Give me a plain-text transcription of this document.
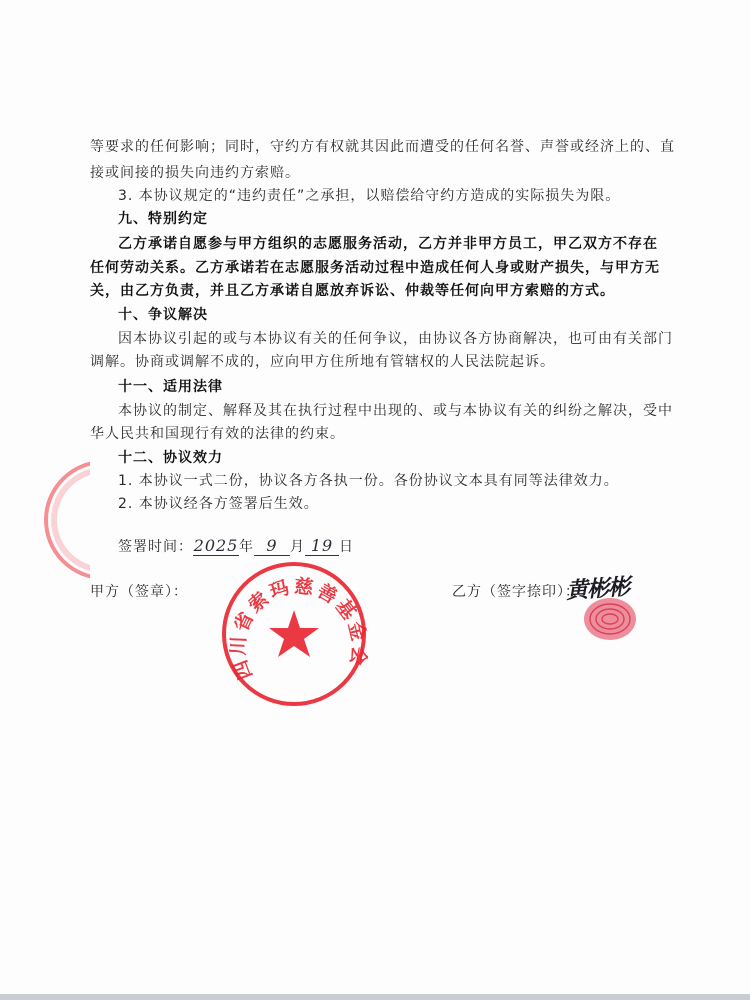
等要求的任何影响；同时，守约方有权就其因此而遭受的任何名誉、声誉或经济上的、直
接或间接的损失向违约方索赔。
3. 本协议规定的“违约责任”之承担，以赔偿给守约方造成的实际损失为限。
九、特别约定
乙方承诺自愿参与甲方组织的志愿服务活动，乙方并非甲方员工，甲乙双方不存在
任何劳动关系。乙方承诺若在志愿服务活动过程中造成任何人身或财产损失，与甲方无
关，由乙方负责，并且乙方承诺自愿放弃诉讼、仲裁等任何向甲方索赔的方式。
十、争议解决
因本协议引起的或与本协议有关的任何争议，由协议各方协商解决，也可由有关部门
调解。协商或调解不成的，应向甲方住所地有管辖权的人民法院起诉。
十一、适用法律
本协议的制定、解释及其在执行过程中出现的、或与本协议有关的纠纷之解决，受中
华人民共和国现行有效的法律的约束。
十二、协议效力
1. 本协议一式二份，协议各方各执一份。各份协议文本具有同等法律效力。
2. 本协议经各方签署后生效。
签署时间：2025年 9 月 19 日
甲方（签章）：	乙方（签字捺印）：
四川省索玛慈善基金
黄彬彬
